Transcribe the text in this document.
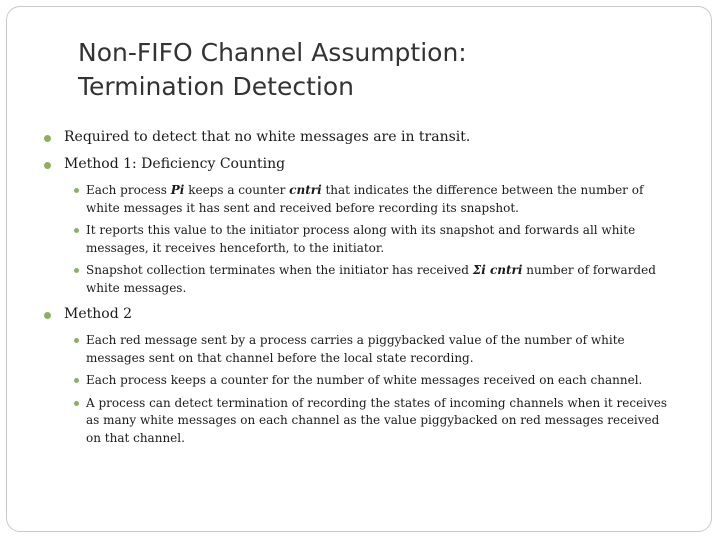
Non-FIFO Channel Assumption:
Termination Detection
Required to detect that no white messages are in transit.
Method 1: Deficiency Counting
Each process Pi keeps a counter cntri that indicates the difference between the number of white messages it has sent and received before recording its snapshot.
It reports this value to the initiator process along with its snapshot and forwards all white messages, it receives henceforth, to the initiator.
Snapshot collection terminates when the initiator has received Σi cntri number of forwarded white messages.
Method 2
Each red message sent by a process carries a piggybacked value of the number of white messages sent on that channel before the local state recording.
Each process keeps a counter for the number of white messages received on each channel.
A process can detect termination of recording the states of incoming channels when it receives as many white messages on each channel as the value piggybacked on red messages received on that channel.
